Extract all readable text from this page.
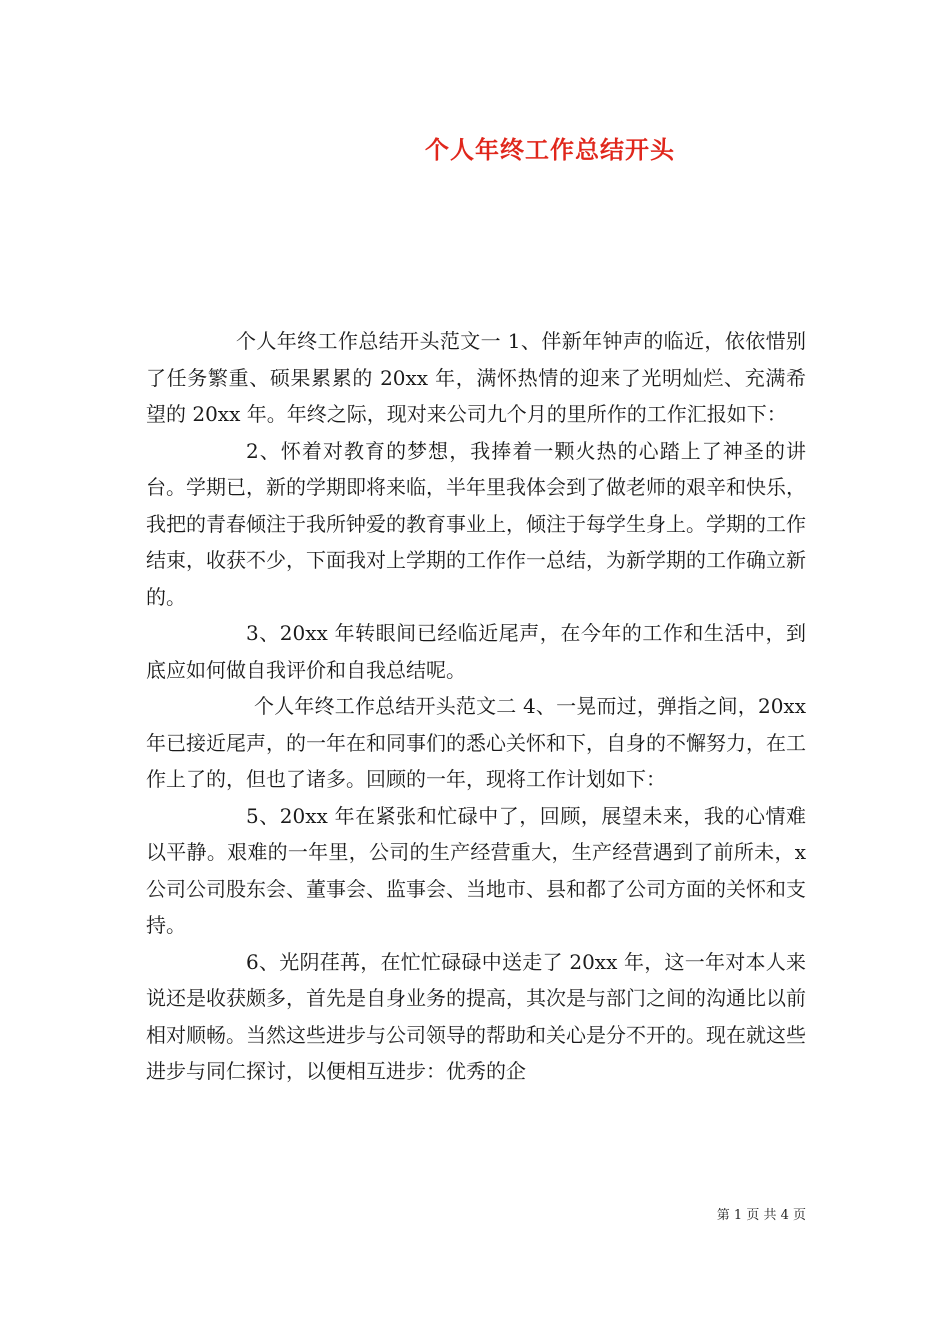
个人年终工作总结开头

个人年终工作总结开头范文一 1、伴新年钟声的临近，依依惜别了任务繁重、硕果累累的 20xx 年，满怀热情的迎来了光明灿烂、充满希望的 20xx 年。年终之际，现对来公司九个月的里所作的工作汇报如下：

2、怀着对教育的梦想，我捧着一颗火热的心踏上了神圣的讲台。学期已，新的学期即将来临，半年里我体会到了做老师的艰辛和快乐，我把的青春倾注于我所钟爱的教育事业上，倾注于每学生身上。学期的工作结束，收获不少，下面我对上学期的工作作一总结，为新学期的工作确立新的。

3、20xx 年转眼间已经临近尾声，在今年的工作和生活中，到底应如何做自我评价和自我总结呢。

个人年终工作总结开头范文二 4、一晃而过，弹指之间，20xx 年已接近尾声，的一年在和同事们的悉心关怀和下，自身的不懈努力，在工作上了的，但也了诸多。回顾的一年，现将工作计划如下：

5、20xx 年在紧张和忙碌中了，回顾，展望未来，我的心情难以平静。艰难的一年里，公司的生产经营重大，生产经营遇到了前所未，x 公司公司股东会、董事会、监事会、当地市、县和都了公司方面的关怀和支持。

6、光阴荏苒，在忙忙碌碌中送走了 20xx 年，这一年对本人来说还是收获颇多，首先是自身业务的提高，其次是与部门之间的沟通比以前相对顺畅。当然这些进步与公司领导的帮助和关心是分不开的。现在就这些进步与同仁探讨，以便相互进步：优秀的企

第 1 页 共 4 页
